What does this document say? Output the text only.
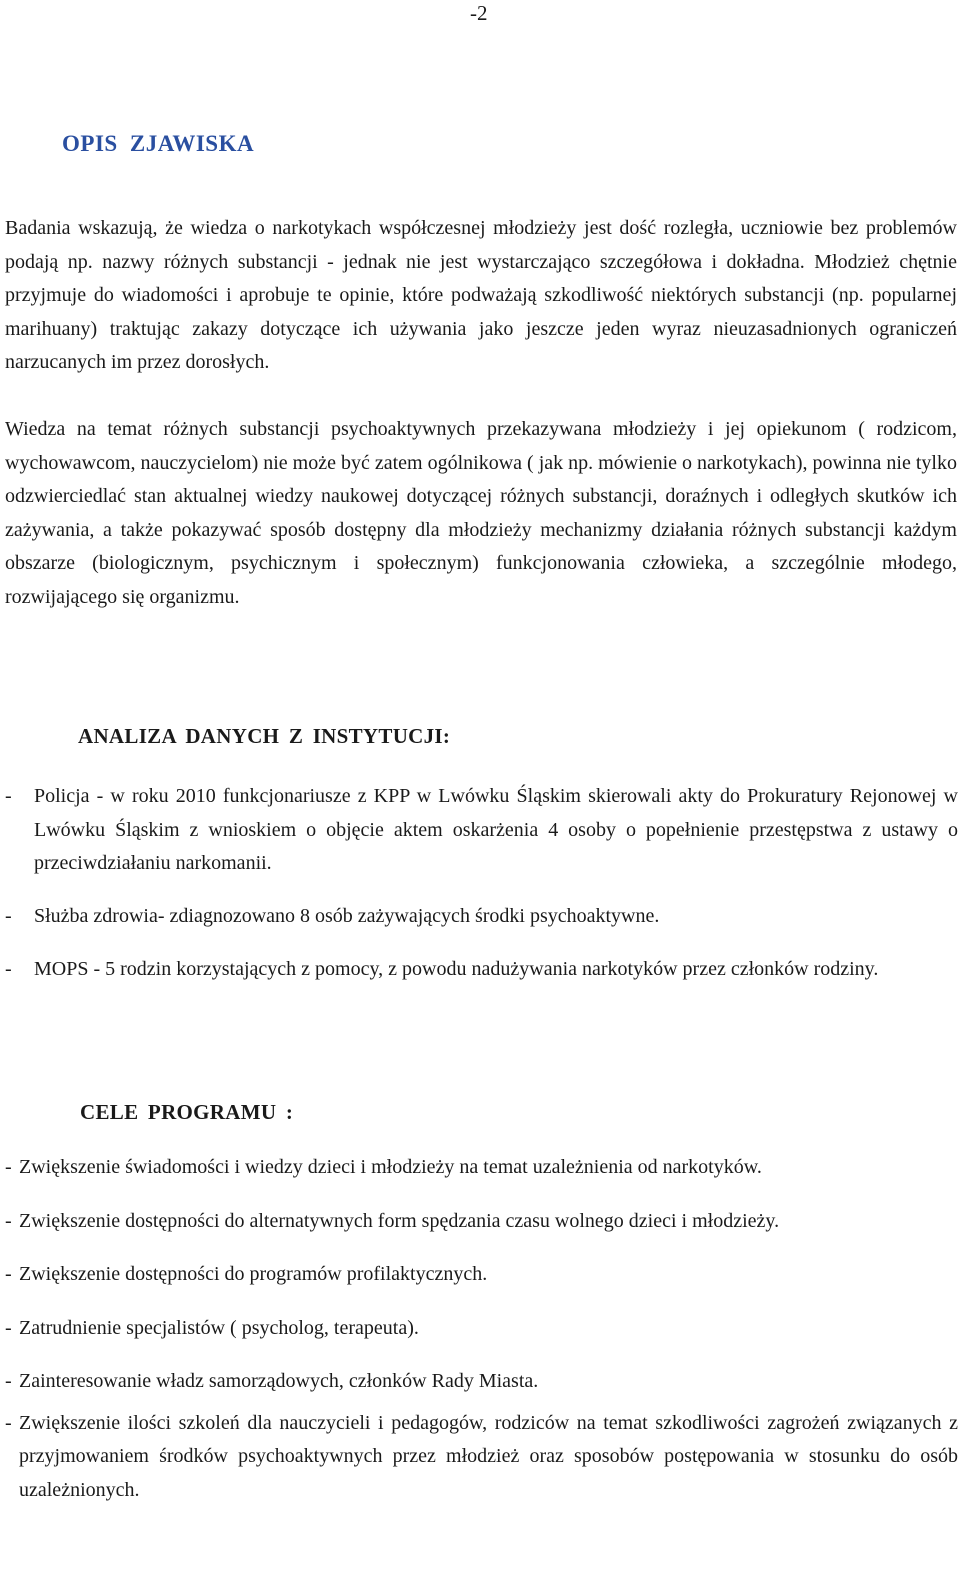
-2
OPIS ZJAWISKA

Badania wskazują, że wiedza o narkotykach współczesnej młodzieży jest dość rozległa, uczniowie bez problemów podają np. nazwy różnych substancji - jednak nie jest wystarczająco szczegółowa i dokładna. Młodzież chętnie przyjmuje do wiadomości i aprobuje te opinie, które podważają szkodliwość niektórych substancji (np. popularnej marihuany) traktując zakazy dotyczące ich używania jako jeszcze jeden wyraz nieuzasadnionych ograniczeń narzucanych im przez dorosłych.

Wiedza na temat różnych substancji psychoaktywnych przekazywana młodzieży i jej opiekunom ( rodzicom, wychowawcom, nauczycielom) nie może być zatem ogólnikowa ( jak np. mówienie o narkotykach), powinna nie tylko odzwierciedlać stan aktualnej wiedzy naukowej dotyczącej różnych substancji, doraźnych i odległych skutków ich zażywania, a także pokazywać sposób dostępny dla młodzieży mechanizmy działania różnych substancji każdym obszarze (biologicznym, psychicznym i społecznym) funkcjonowania człowieka, a szczególnie młodego, rozwijającego się organizmu.

ANALIZA DANYCH Z INSTYTUCJI:
- Policja - w roku 2010 funkcjonariusze z KPP w Lwówku Śląskim skierowali akty do Prokuratury Rejonowej w Lwówku Śląskim z wnioskiem o objęcie aktem oskarżenia 4 osoby o popełnienie przestępstwa z ustawy o przeciwdziałaniu narkomanii.
- Służba zdrowia- zdiagnozowano 8 osób zażywających środki psychoaktywne.
- MOPS - 5 rodzin korzystających z pomocy, z powodu nadużywania narkotyków przez członków rodziny.
CELE PROGRAMU :
- Zwiększenie świadomości i wiedzy dzieci i młodzieży na temat uzależnienia od narkotyków.
- Zwiększenie dostępności do alternatywnych form spędzania czasu wolnego dzieci i młodzieży.
- Zwiększenie dostępności do programów profilaktycznych.
- Zatrudnienie specjalistów ( psycholog, terapeuta).
- Zainteresowanie władz samorządowych, członków Rady Miasta.
- Zwiększenie ilości szkoleń dla nauczycieli i pedagogów, rodziców na temat szkodliwości zagrożeń związanych z przyjmowaniem środków psychoaktywnych przez młodzież oraz sposobów postępowania w stosunku do osób uzależnionych.
